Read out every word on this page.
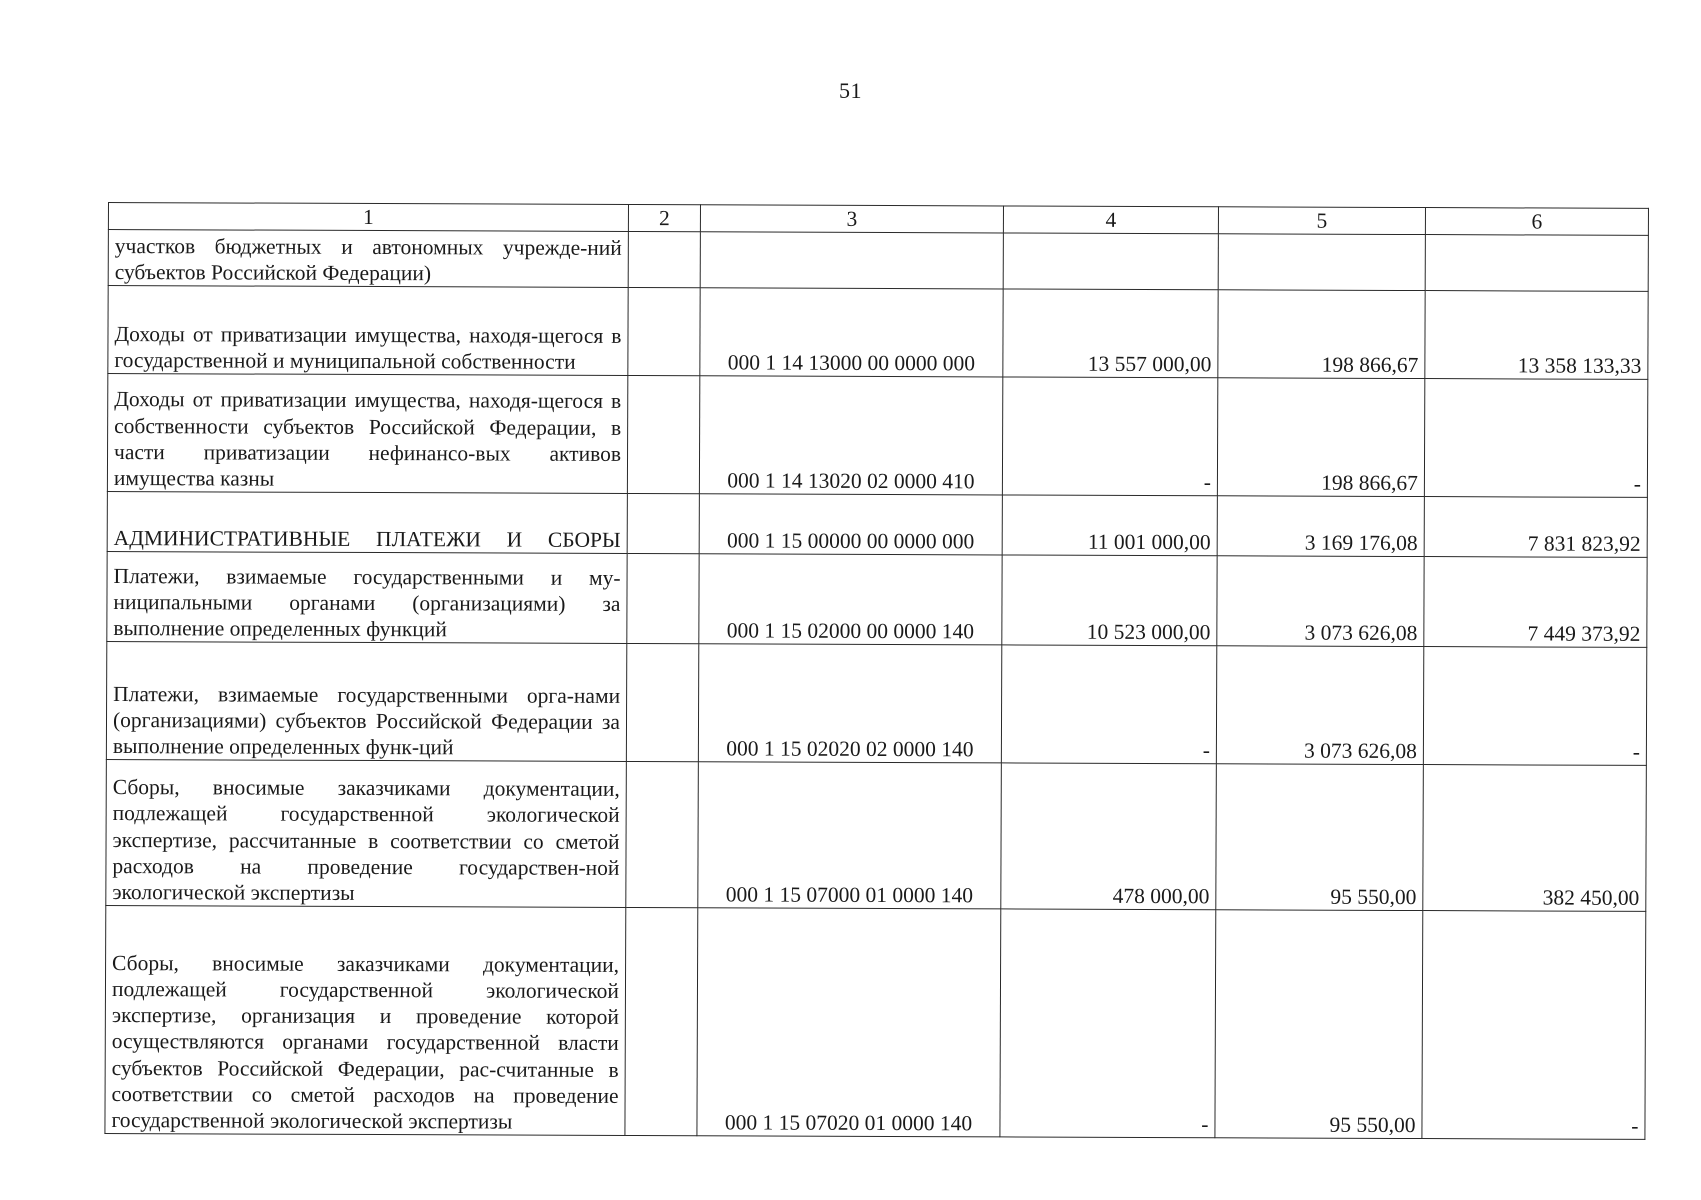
51
1	2	3	4	5	6
участков бюджетных и автономных учрежде-ний субъектов Российской Федерации)					
Доходы от приватизации имущества, находя-щегося в государственной и муниципальной собственности		000 1 14 13000 00 0000 000	13 557 000,00	198 866,67	13 358 133,33
Доходы от приватизации имущества, находя-щегося в собственности субъектов Российской Федерации, в части приватизации нефинансо-вых активов имущества казны		000 1 14 13020 02 0000 410	-	198 866,67	-
АДМИНИСТРАТИВНЫЕ ПЛАТЕЖИ И СБОРЫ		000 1 15 00000 00 0000 000	11 001 000,00	3 169 176,08	7 831 823,92
Платежи, взимаемые государственными и му-ниципальными органами (организациями) за выполнение определенных функций		000 1 15 02000 00 0000 140	10 523 000,00	3 073 626,08	7 449 373,92
Платежи, взимаемые государственными орга-нами (организациями) субъектов Российской Федерации за выполнение определенных функ-ций		000 1 15 02020 02 0000 140	-	3 073 626,08	-
Сборы, вносимые заказчиками документации, подлежащей государственной экологической экспертизе, рассчитанные в соответствии со сметой расходов на проведение государствен-ной экологической экспертизы		000 1 15 07000 01 0000 140	478 000,00	95 550,00	382 450,00
Сборы, вносимые заказчиками документации, подлежащей государственной экологической экспертизе, организация и проведение которой осуществляются органами государственной власти субъектов Российской Федерации, рас-считанные в соответствии со сметой расходов на проведение государственной экологической экспертизы		000 1 15 07020 01 0000 140	-	95 550,00	-
